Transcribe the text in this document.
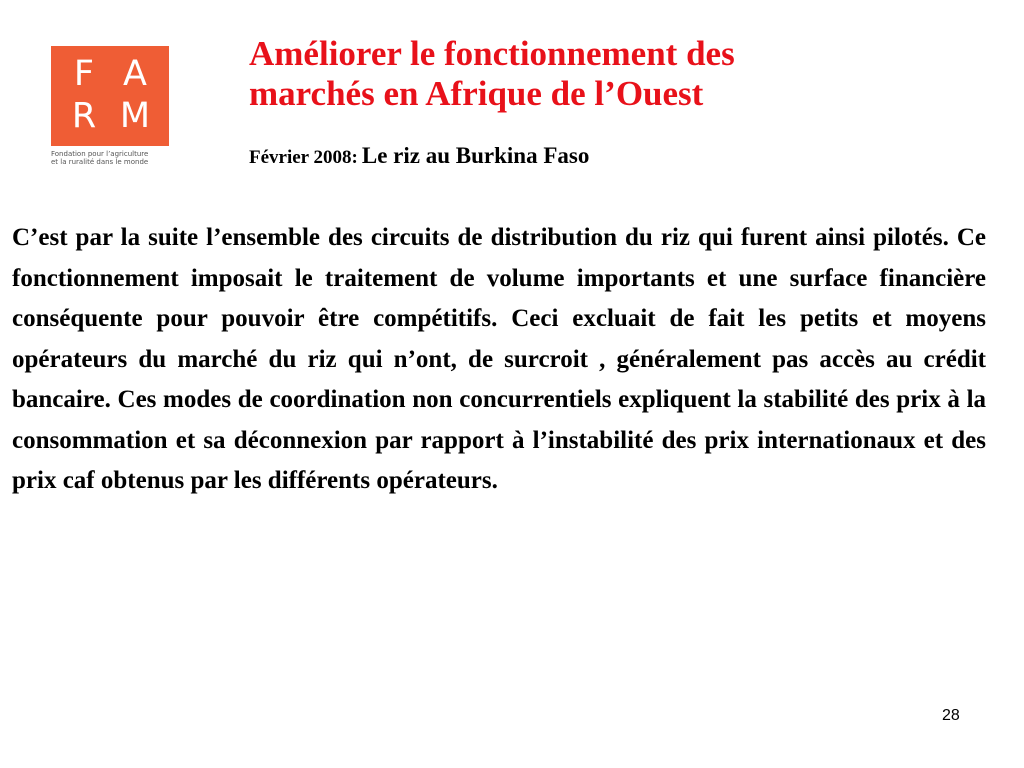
F A
R M
Fondation pour l’agriculture
et la ruralité dans le monde
Améliorer le fonctionnement des
marchés en Afrique de l’Ouest
Février 2008: Le riz au Burkina Faso

C’est par la suite l’ensemble des circuits de distribution du riz qui furent ainsi pilotés. Ce fonctionnement imposait le traitement de volume importants et une surface financière conséquente pour pouvoir être compétitifs. Ceci excluait de fait les petits et moyensopérateurs du marché du riz qui n’ont, de surcroit , généralement pas accès au crédit bancaire. Ces modes de coordination non concurrentiels expliquent la stabilité des prix à la consommation et sa déconnexion par rapport à l’instabilité des prix internationaux et des prix caf obtenus par les différents opérateurs.

28
